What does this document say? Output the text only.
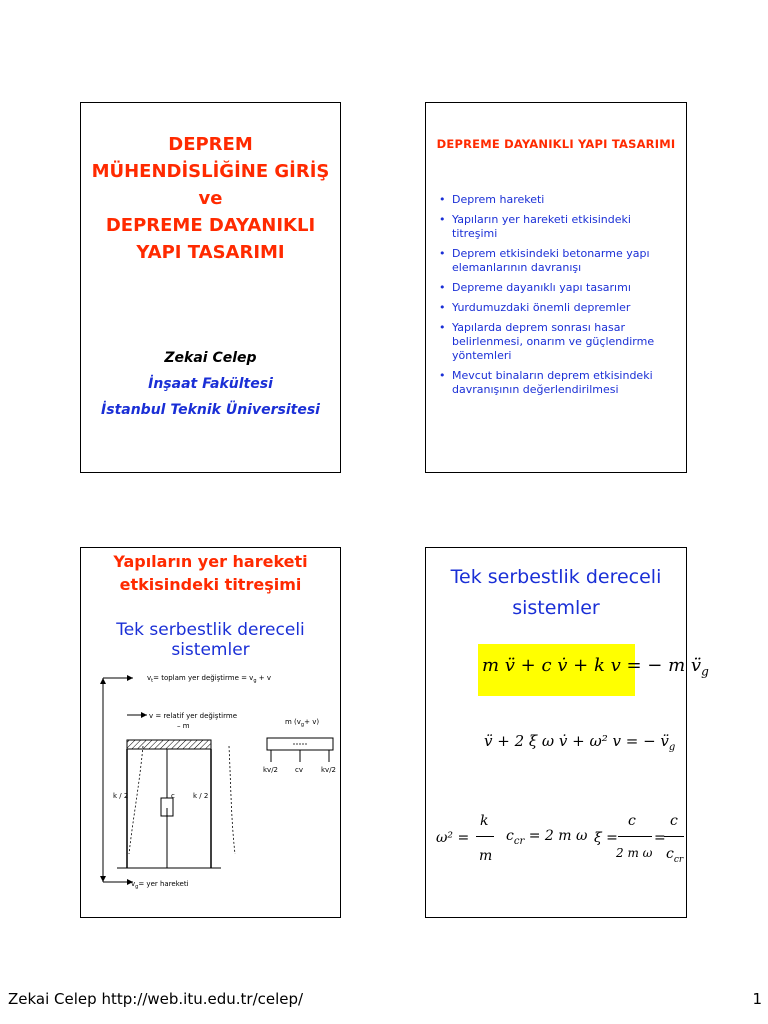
DEPREM
MÜHENDİSLİĞİNE GİRİŞ
ve
DEPREME DAYANIKLI
YAPI TASARIMI
Zekai Celep
İnşaat Fakültesi
İstanbul Teknik Üniversitesi
DEPREME DAYANIKLI YAPI TASARIMI
• Deprem hareketi
• Yapıların yer hareketi etkisindeki titreşimi
• Deprem etkisindeki betonarme yapı elemanlarının davranışı
• Depreme dayanıklı yapı tasarımı
• Yurdumuzdaki önemli depremler
• Yapılarda deprem sonrası hasar belirlenmesi, onarım ve güçlendirme yöntemleri
• Mevcut binaların deprem etkisindeki davranışının değerlendirilmesi
Yapıların yer hareketi
etkisindeki titreşimi
Tek serbestlik dereceli sistemler
$v_t=$ toplam yer değiştirme = $v_g + v$
v = relatif yer değiştirme
– m	m $(v_g+ v)$
k / 2	k / 2
c
kv/2 cv	kv/2
$v_g=$ yer hareketi
Tek serbestlik dereceli
sistemler
m v̈ + c v̇ + k v = − m $v̈_g$
v̈ + 2 ξ ω v̇ + ω² v = − $v̈_g$
ω² =
k
m
$c_{cr} = 2$ m ω ξ =
c
2 m ω
=
c
$c_{cr}$
Zekai Celep http://web.itu.edu.tr/celep/	1
